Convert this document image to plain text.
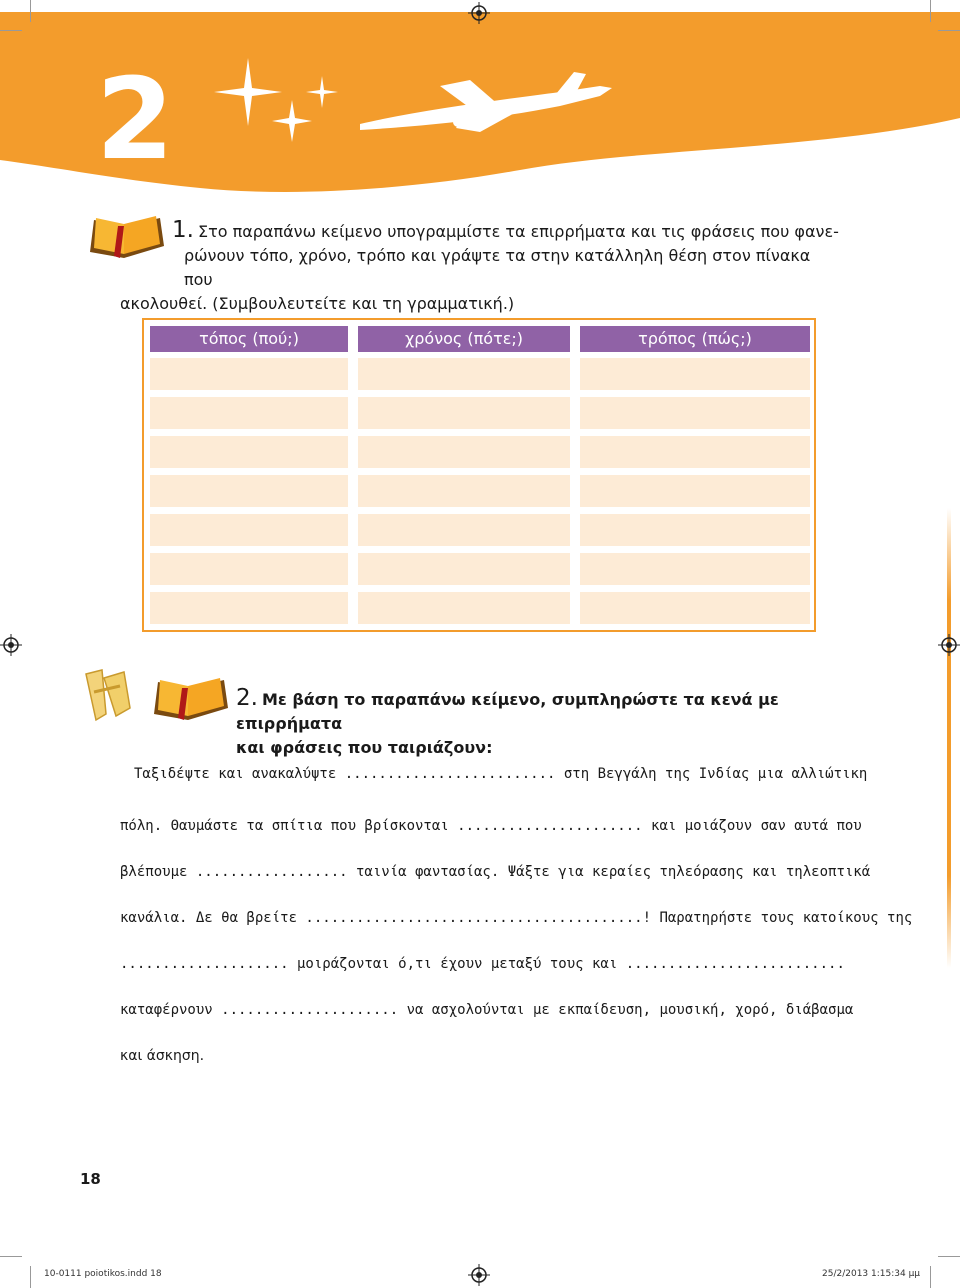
2
1. Στο παραπάνω κείμενο υπογραμμίστε τα επιρρήματα και τις φράσεις που φανε-
ρώνουν τόπο, χρόνο, τρόπο και γράψτε τα στην κατάλληλη θέση στον πίνακα που
ακολουθεί. (Συμβουλευτείτε και τη γραμματική.)
τόπος (πού;)	χρόνος (πότε;)	τρόπος (πώς;)
2. Με βάση το παραπάνω κείμενο, συμπληρώστε τα κενά με επιρρήματα
και φράσεις που ταιριάζουν:
Ταξιδέψτε και ανακαλύψτε ......................... στη Βεγγάλη της Ινδίας μια αλλιώτικη
πόλη. Θαυμάστε τα σπίτια που βρίσκονται ...................... και μοιάζουν σαν αυτά που
βλέπουμε .................. ταινία φαντασίας. Ψάξτε για κεραίες τηλεόρασης και τηλεοπτικά
κανάλια. Δε θα βρείτε ........................................! Παρατηρήστε τους κατοίκους της
.................... μοιράζονται ό,τι έχουν μεταξύ τους και ..........................
καταφέρνουν ..................... να ασχολούνται με εκπαίδευση, μουσική, χορό, διάβασμα
και άσκηση.
18
10-0111 poiotikos.indd 18	25/2/2013 1:15:34 μμ
